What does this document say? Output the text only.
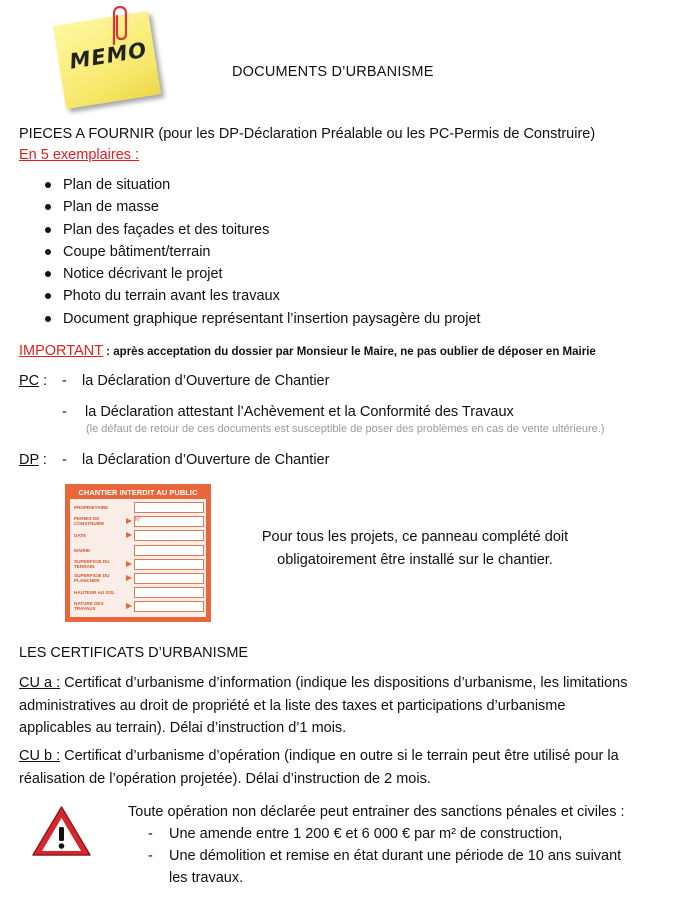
MEMO	DOCUMENTS D’URBANISME
PIECES A FOURNIR (pour les DP-Déclaration Préalable ou les PC-Permis de Construire)
En 5 exemplaires :
Plan de situation
Plan de masse
Plan des façades et des toitures
Coupe bâtiment/terrain
Notice décrivant le projet
Photo du terrain avant les travaux
Document graphique représentant l’insertion paysagère du projet
IMPORTANT : après acceptation du dossier par Monsieur le Maire, ne pas oublier de déposer en Mairie
PC : - la Déclaration d’Ouverture de Chantier
- la Déclaration attestant l’Achèvement et la Conformité des Travaux
(le défaut de retour de ces documents est susceptible de poser des problèmes en cas de vente ultérieure.)
DP : - la Déclaration d’Ouverture de Chantier
CHANTIER INTERDIT AU PUBLIC
PROPRIETAIRE
PERMIS DE CONSTRUIRE
N°
DATE
MAIRIE
SUPERFICIE DU TERRAIN
SUPERFICIE DU PLANCHER
HAUTEUR AU SOL
NATURE DES TRAVAUX
Pour tous les projets, ce panneau complété doit
obligatoirement être installé sur le chantier.
LES CERTIFICATS D’URBANISME
CU a : Certificat d’urbanisme d’information (indique les dispositions d’urbanisme, les limitations
administratives au droit de propriété et la liste des taxes et participations d’urbanisme
applicables au terrain). Délai d’instruction d’1 mois.
CU b : Certificat d’urbanisme d’opération (indique en outre si le terrain peut être utilisé pour la
réalisation de l’opération projetée). Délai d’instruction de 2 mois.
Toute opération non déclarée peut entrainer des sanctions pénales et civiles :
- Une amende entre 1 200 € et 6 000 € par m² de construction,
- Une démolition et remise en état durant une période de 10 ans suivant
les travaux.
